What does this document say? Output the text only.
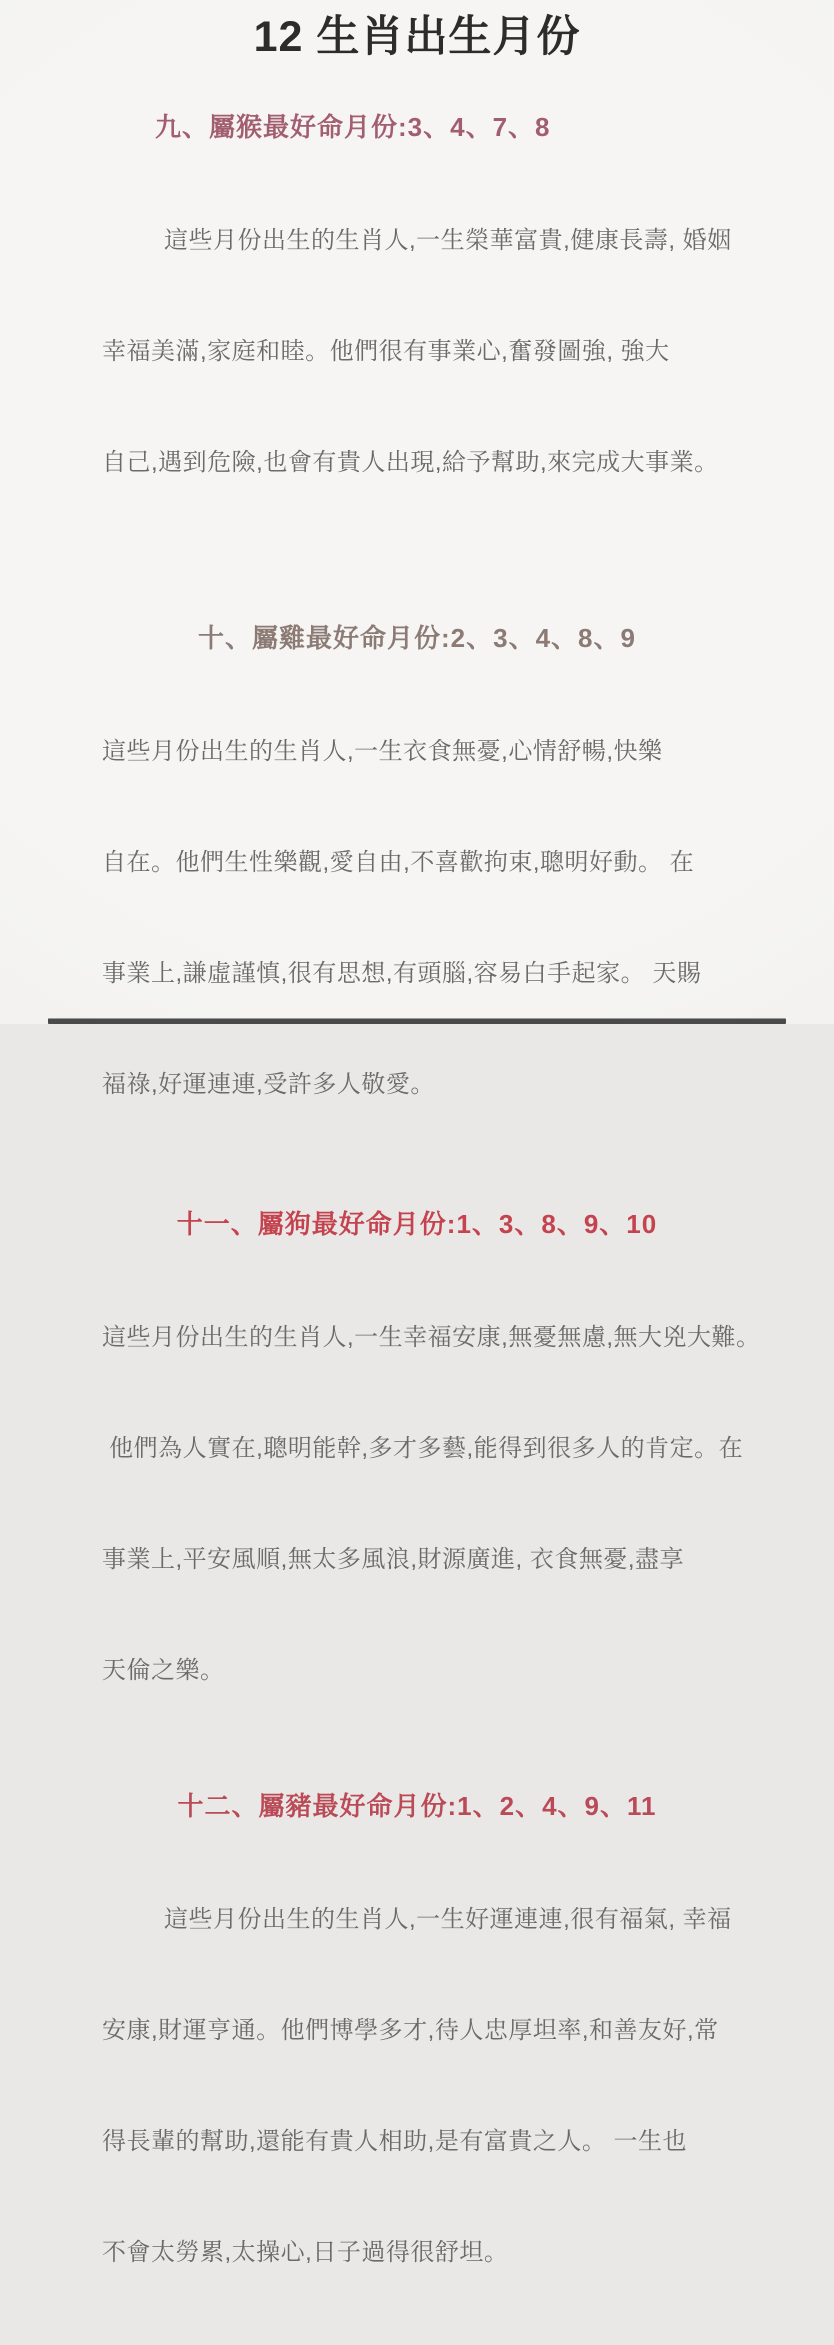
12 生肖出生月份
九、屬猴最好命月份:3、4、7、8

這些月份出生的生肖人,一生榮華富貴,健康長壽, 婚姻

幸福美滿,家庭和睦。他們很有事業心,奮發圖強, 強大

自己,遇到危險,也會有貴人出現,給予幫助,來完成大事業。

十、屬雞最好命月份:2、3、4、8、9

這些月份出生的生肖人,一生衣食無憂,心情舒暢,快樂

自在。他們生性樂觀,愛自由,不喜歡拘束,聰明好動。 在

事業上,謙虛謹慎,很有思想,有頭腦,容易白手起家。 天賜

福祿,好運連連,受許多人敬愛。

十一、屬狗最好命月份:1、3、8、9、10

這些月份出生的生肖人,一生幸福安康,無憂無慮,無大兇大難。

他們為人實在,聰明能幹,多才多藝,能得到很多人的肯定。在

事業上,平安風順,無太多風浪,財源廣進, 衣食無憂,盡享

天倫之樂。

十二、屬豬最好命月份:1、2、4、9、11

這些月份出生的生肖人,一生好運連連,很有福氣, 幸福

安康,財運亨通。他們博學多才,待人忠厚坦率,和善友好,常

得長輩的幫助,還能有貴人相助,是有富貴之人。 一生也

不會太勞累,太操心,日子過得很舒坦。
